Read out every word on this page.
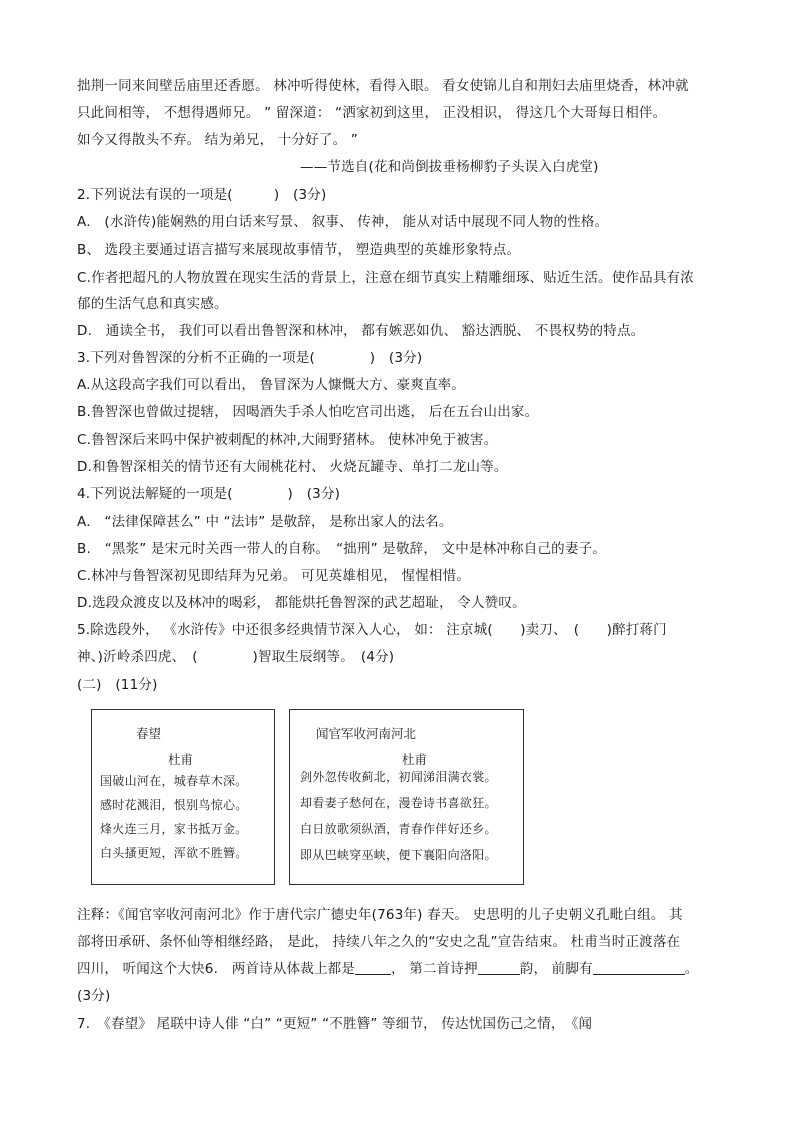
拙荆一同来间壁岳庙里还香愿。 林冲听得使林，看得入眼。 看女使锦儿自和荆妇去庙里烧香，林冲就
只此间相等， 不想得遇师兄。 ” 留深道： “洒家初到这里， 正没相识， 得这几个大哥每日相伴。
如今又得散头不弃。 结为弟兄， 十分好了。 ”
——节选自(花和尚倒拔垂杨柳豹子头误入白虎堂)
2.下列说法有误的一项是(　　　)　(3分)
A.　(水浒传)能娴熟的用白话来写景、 叙事、 传神， 能从对话中展现不同人物的性格。
B、 选段主要通过语言描写来展现故事情节， 塑造典型的英雄形象特点。
C.作者把超凡的人物放置在现实生活的背景上，注意在细节真实上精雕细琢、贴近生活。使作品具有浓
郁的生活气息和真实感。
D.　通读全书， 我们可以看出鲁智深和林冲， 都有嫉恶如仇、 豁达洒脱、 不畏权势的特点。
3.下列对鲁智深的分析不正确的一项是(　　　　)　(3分)
A.从这段高字我们可以看出， 鲁冒深为人慷慨大方、豪爽直率。
B.鲁智深也曾做过提辖， 因喝酒失手杀人怕吃宫司出逃， 后在五台山出家。
C.鲁智深后来吗中保护被刺配的林冲,大闹野猪林。 使林冲免于被害。
D.和鲁智深相关的情节还有大闹桃花村、 火烧瓦罐寺、单打二龙山等。
4.下列说法解疑的一项是(　　　　)　(3分)
A.　“法律保障甚么” 中 “法讳” 是敬辞， 是称出家人的法名。
B.　“黑浆” 是宋元时关西一带人的自称。　“拙刑” 是敬辞， 文中是林冲称自己的妻子。
C.林冲与鲁智深初见即结拜为兄弟。 可见英雄相见， 惺惺相惜。
D.选段众渡皮以及林冲的喝彩， 都能烘托鲁智深的武艺超耻， 令人赞叹。
5.除选段外， 《水浒传》中还很多经典情节深入人心， 如： 注京城(　　)卖刀、　(　　)醉打蒋门
神、)沂岭杀四虎、　(　　　　)智取生辰纲等。　(4分)
(二)　(11分)
春望
杜甫
国破山河在，城春草木深。
感时花溅泪，恨别鸟惊心。
烽火连三月，家书抵万金。
白头搔更短，浑欲不胜簪。
闻官军收河南河北
杜甫
剑外忽传收蓟北，初闻涕泪满衣裳。
却看妻子愁何在，漫卷诗书喜欲狂。
白日放歌须纵酒，青春作伴好还乡。
即从巴峡穿巫峡，便下襄阳向洛阳。
注释：《闻官宰收河南河北》作于唐代宗广德史年(763年) 春天。 史思明的儿子史朝义孔毗白组。 其
部将田承研、条怀仙等相继经路， 是此， 持续八年之久的“安史之乱”宣告结束。 杜甫当时正渡落在
四川， 听闻这个大快6.　两首诗从体裁上都是	， 第二首诗押	韵， 前脚有	。
(3分)
7.　《春望》 尾联中诗人俳 “白” “更短” “不胜簪” 等细节， 传达忧国伤己之情，　《闻
